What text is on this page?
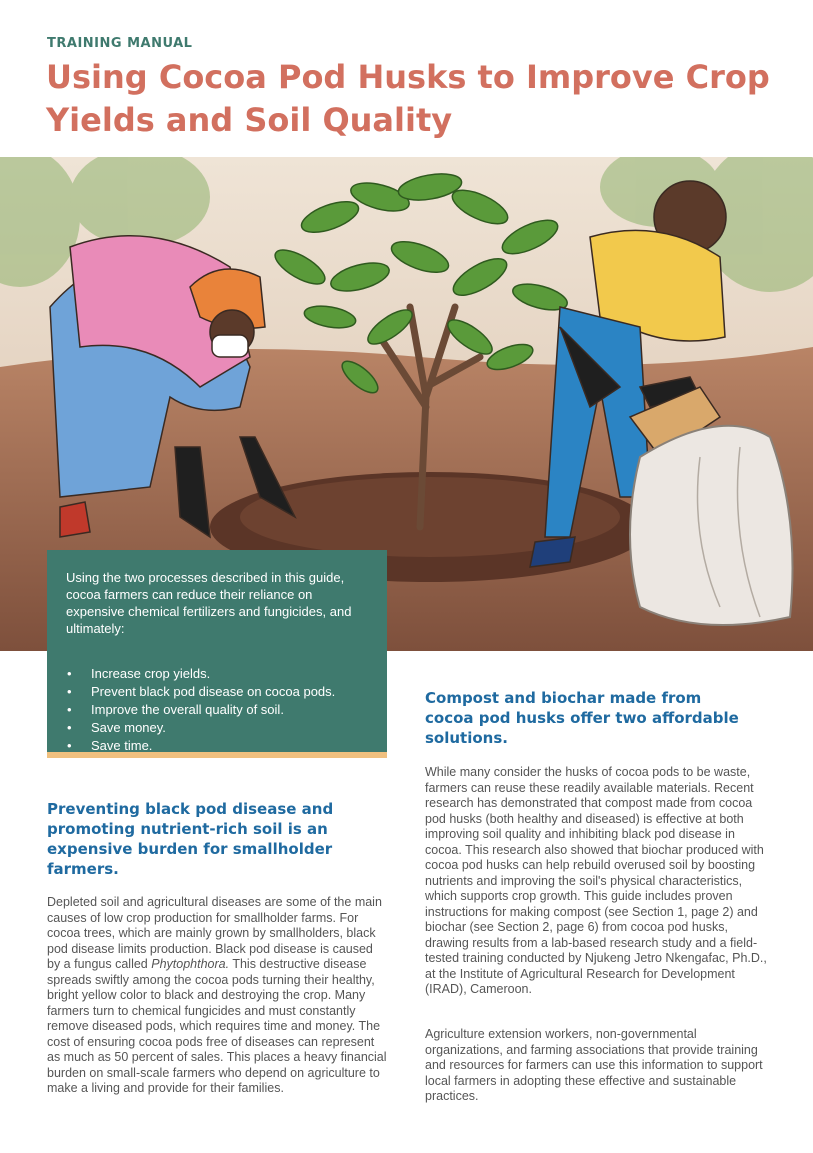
TRAINING MANUAL
Using Cocoa Pod Husks to Improve Crop Yields and Soil Quality

Using the two processes described in this guide, cocoa farmers can reduce their reliance on expensive chemical fertilizers and fungicides, and ultimately:

• Increase crop yields.
• Prevent black pod disease on cocoa pods.
• Improve the overall quality of soil.
• Save money.
• Save time.
Compost and biochar made from cocoa pod husks offer two affordable solutions.
Preventing black pod disease and promoting nutrient-rich soil is an expensive burden for smallholder farmers.

Depleted soil and agricultural diseases are some of the main causes of low crop production for smallholder farms. For cocoa trees, which are mainly grown by smallholders, black pod disease limits production. Black pod disease is caused by a fungus called Phytophthora. This destructive disease spreads swiftly among the cocoa pods turning their healthy, bright yellow color to black and destroying the crop. Many farmers turn to chemical fungicides and must constantly remove diseased pods, which requires time and money. The cost of ensuring cocoa pods free of diseases can represent as much as 50 percent of sales. This places a heavy financial burden on small-scale farmers who depend on agriculture to make a living and provide for their families.

While many consider the husks of cocoa pods to be waste, farmers can reuse these readily available materials. Recent research has demonstrated that compost made from cocoa pod husks (both healthy and diseased) is effective at both improving soil quality and inhibiting black pod disease in cocoa. This research also showed that biochar produced with cocoa pod husks can help rebuild overused soil by boosting nutrients and improving the soil's physical characteristics, which supports crop growth. This guide includes proven instructions for making compost (see Section 1, page 2) and biochar (see Section 2, page 6) from cocoa pod husks, drawing results from a lab-based research study and a field-tested training conducted by Njukeng Jetro Nkengafac, Ph.D., at the Institute of Agricultural Research for Development (IRAD), Cameroon.

Agriculture extension workers, non-governmental organizations, and farming associations that provide training and resources for farmers can use this information to support local farmers in adopting these effective and sustainable practices.
